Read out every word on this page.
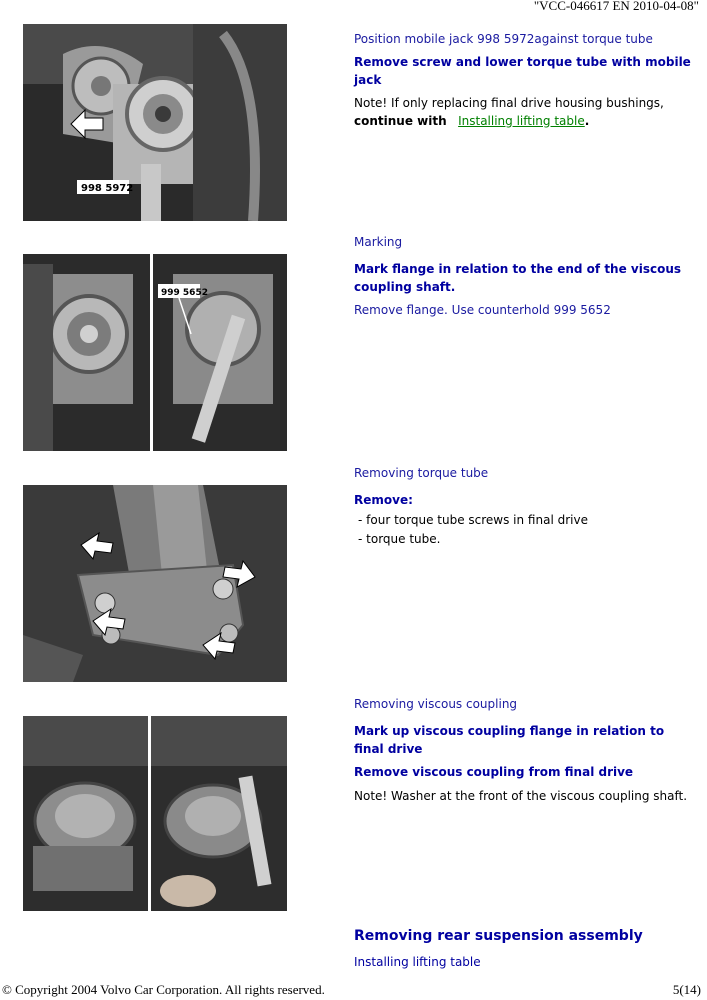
"VCC-046617 EN 2010-04-08"
998 5972
Position mobile jack 998 5972against torque tube
Remove screw and lower torque tube with mobile jack
Note! If only replacing final drive housing bushings,
continue with Installing lifting table.
999 5652
Marking
Mark flange in relation to the end of the viscous coupling shaft.
Remove flange. Use counterhold 999 5652
Removing torque tube
Remove:
- four torque tube screws in final drive
- torque tube.
Removing viscous coupling
Mark up viscous coupling flange in relation to final drive
Remove viscous coupling from final drive
Note! Washer at the front of the viscous coupling shaft.
Removing rear suspension assembly
Installing lifting table
© Copyright 2004 Volvo Car Corporation. All rights reserved.	5(14)
